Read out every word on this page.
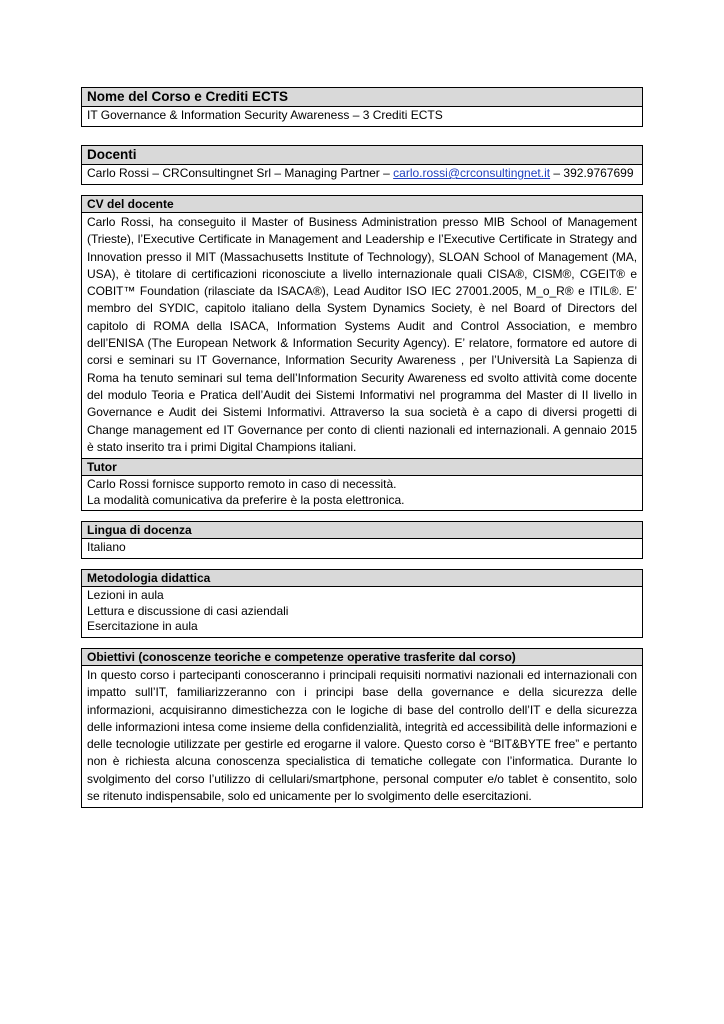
Nome del Corso e Crediti ECTS
IT Governance & Information Security Awareness – 3 Crediti ECTS
Docenti
Carlo Rossi – CRConsultingnet Srl – Managing Partner – carlo.rossi@crconsultingnet.it – 392.9767699
CV del docente

Carlo Rossi, ha conseguito il Master of Business Administration presso MIB School of Management (Trieste), l’Executive Certificate in Management and Leadership e l’Executive Certificate in Strategy and Innovation presso il MIT (Massachusetts Institute of Technology), SLOAN School of Management (MA, USA), è titolare di certificazioni riconosciute a livello internazionale quali CISA®, CISM®, CGEIT® e COBIT™ Foundation (rilasciate da ISACA®), Lead Auditor ISO IEC 27001.2005, M_o_R® e ITIL®. E’ membro del SYDIC, capitolo italiano della System Dynamics Society, è nel Board of Directors del capitolo di ROMA della ISACA, Information Systems Audit and Control Association, e membro dell’ENISA (The European Network & Information Security Agency). E’ relatore, formatore ed autore di corsi e seminari su IT Governance, Information Security Awareness , per l’Università La Sapienza di Roma ha tenuto seminari sul tema dell’Information Security Awareness ed svolto attività come docente del modulo Teoria e Pratica dell’Audit dei Sistemi Informativi nel programma del Master di II livello in Governance e Audit dei Sistemi Informativi. Attraverso la sua società è a capo di diversi progetti di Change management ed IT Governance per conto di clienti nazionali ed internazionali. A gennaio 2015 è stato inserito tra i primi Digital Champions italiani.

Tutor

Carlo Rossi fornisce supporto remoto in caso di necessità.

La modalità comunicativa da preferire è la posta elettronica.

Lingua di docenza
Italiano
Metodologia didattica

Lezioni in aula

Lettura e discussione di casi aziendali

Esercitazione in aula

Obiettivi (conoscenze teoriche e competenze operative trasferite dal corso)

In questo corso i partecipanti conosceranno i principali requisiti normativi nazionali ed internazionali con impatto sull’IT, familiarizzeranno con i principi base della governance e della sicurezza delle informazioni, acquisiranno dimestichezza con le logiche di base del controllo dell’IT e della sicurezza delle informazioni intesa come insieme della confidenzialità, integrità ed accessibilità delle informazioni e delle tecnologie utilizzate per gestirle ed erogarne il valore. Questo corso è “BIT&BYTE free” e pertanto non è richiesta alcuna conoscenza specialistica di tematiche collegate con l’informatica. Durante lo svolgimento del corso l’utilizzo di cellulari/smartphone, personal computer e/o tablet è consentito, solo se ritenuto indispensabile, solo ed unicamente per lo svolgimento delle esercitazioni.
